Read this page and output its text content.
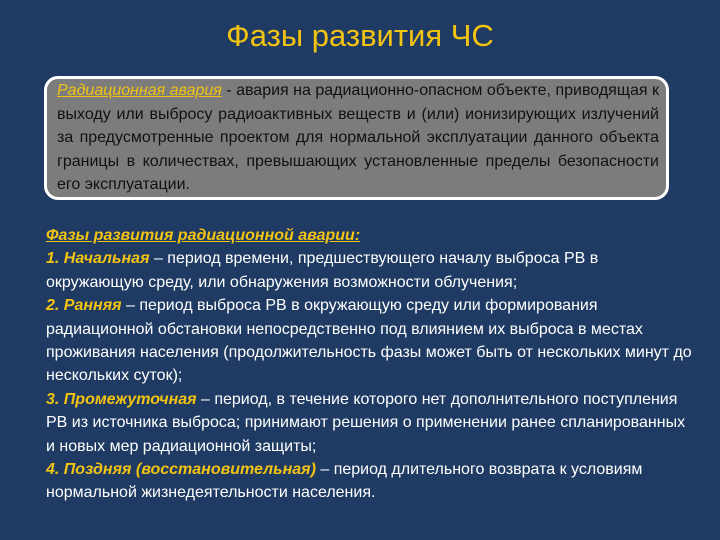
Фазы развития ЧС

Радиационная авария - авария на радиационно-опасном объекте, приводящая к выходу или выбросу радиоактивных веществ и (или) ионизирующих излучений за предусмотренные проектом для нормальной эксплуатации данного объекта границы в количествах, превышающих установленные пределы безопасности его эксплуатации.

Фазы развития радиационной аварии:
1. Начальная – период времени, предшествующего началу выброса РВ в окружающую среду, или обнаружения возможности облучения;
2. Ранняя – период выброса РВ в окружающую среду или формирования радиационной обстановки непосредственно под влиянием их выброса в местах проживания населения (продолжительность фазы может быть от нескольких минут до нескольких суток);
3. Промежуточная – период, в течение которого нет дополнительного поступления РВ из источника выброса; принимают решения о применении ранее спланированных и новых мер радиационной защиты;
4. Поздняя (восстановительная) – период длительного возврата к условиям нормальной жизнедеятельности населения.
